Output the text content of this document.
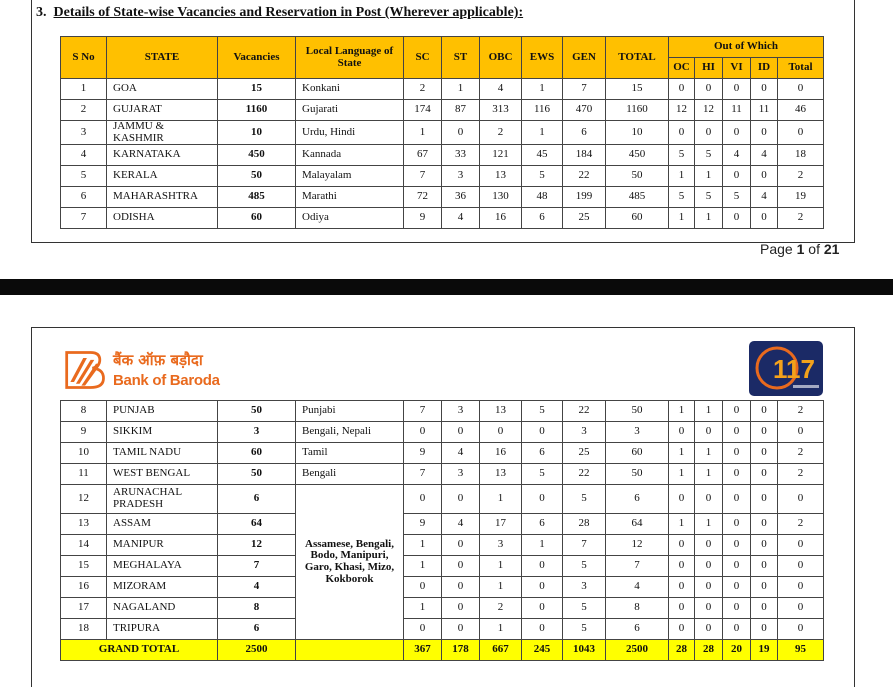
3. Details of State-wise Vacancies and Reservation in Post (Wherever applicable):
S No	STATE	Vacancies	Local Language of State	SC	ST	OBC	EWS	GEN	TOTAL	Out of Which				
										OC	HI	VI	ID	Total
1	GOA	15	Konkani	2	1	4	1	7	15	0	0	0	0	0
2	GUJARAT	1160	Gujarati	174	87	313	116	470	1160	12	12	11	11	46
3	JAMMU & KASHMIR	10	Urdu, Hindi	1	0	2	1	6	10	0	0	0	0	0
4	KARNATAKA	450	Kannada	67	33	121	45	184	450	5	5	4	4	18
5	KERALA	50	Malayalam	7	3	13	5	22	50	1	1	0	0	2
6	MAHARASHTRA	485	Marathi	72	36	130	48	199	485	5	5	5	4	19
7	ODISHA	60	Odiya	9	4	16	6	25	60	1	1	0	0	2
Page 1 of 21
बैंक ऑफ़ बड़ौदा
Bank of Baroda	117
8	PUNJAB	50	Punjabi	7	3	13	5	22	50	1	1	0	0	2
9	SIKKIM	3	Bengali, Nepali	0	0	0	0	3	3	0	0	0	0	0
10	TAMIL NADU	60	Tamil	9	4	16	6	25	60	1	1	0	0	2
11	WEST BENGAL	50	Bengali	7	3	13	5	22	50	1	1	0	0	2
12	ARUNACHAL PRADESH	6	Assamese, Bengali, Bodo, Manipuri, Garo, Khasi, Mizo, Kokborok	0	0	1	0	5	6	0	0	0	0	0
13	ASSAM	64		9	4	17	6	28	64	1	1	0	0	2
14	MANIPUR	12		1	0	3	1	7	12	0	0	0	0	0
15	MEGHALAYA	7		1	0	1	0	5	7	0	0	0	0	0
16	MIZORAM	4		0	0	1	0	3	4	0	0	0	0	0
17	NAGALAND	8		1	0	2	0	5	8	0	0	0	0	0
18	TRIPURA	6		0	0	1	0	5	6	0	0	0	0	0
GRAND TOTAL		2500		367	178	667	245	1043	2500	28	28	20	19	95
